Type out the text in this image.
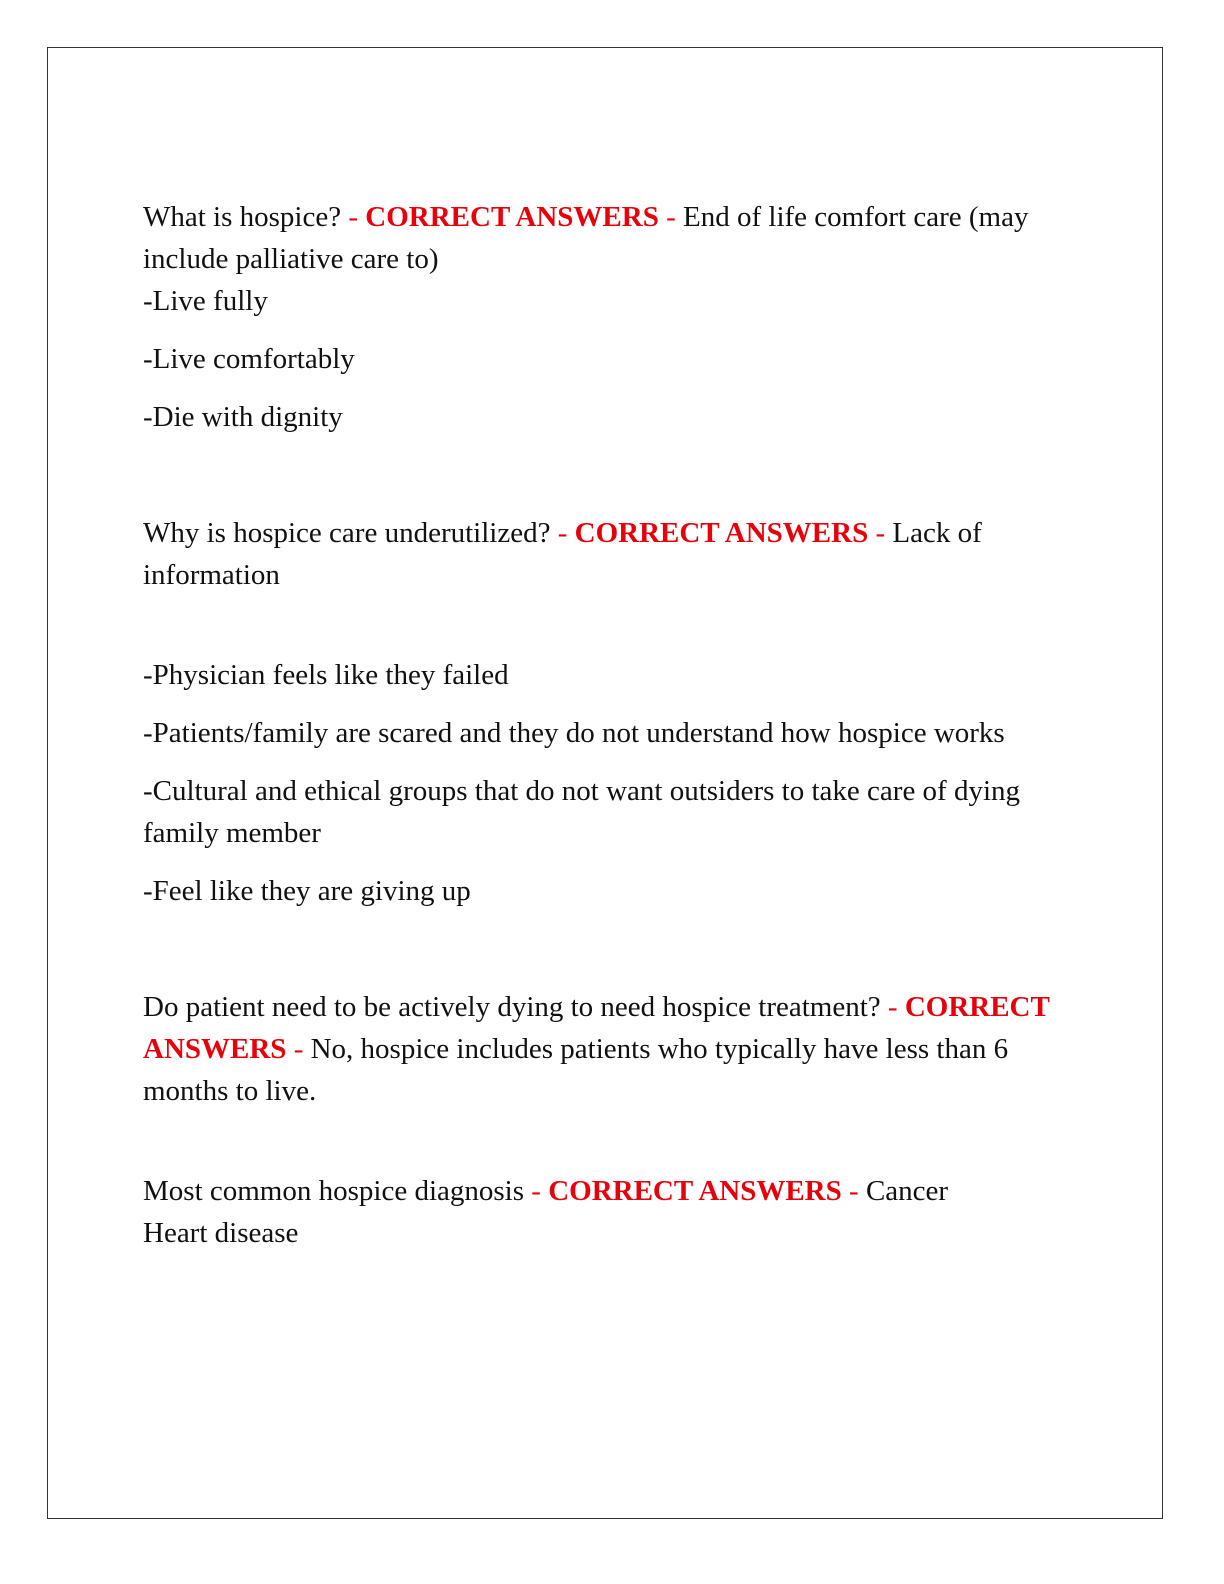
What is hospice? - CORRECT ANSWERS - End of life comfort care (may include palliative care to)

-Live fully

-Live comfortably

-Die with dignity

Why is hospice care underutilized? - CORRECT ANSWERS - Lack of information

-Physician feels like they failed

-Patients/family are scared and they do not understand how hospice works

-Cultural and ethical groups that do not want outsiders to take care of dying family member

-Feel like they are giving up

Do patient need to be actively dying to need hospice treatment? - CORRECT ANSWERS - No, hospice includes patients who typically have less than 6 months to live.

Most common hospice diagnosis - CORRECT ANSWERS - Cancer

Heart disease
